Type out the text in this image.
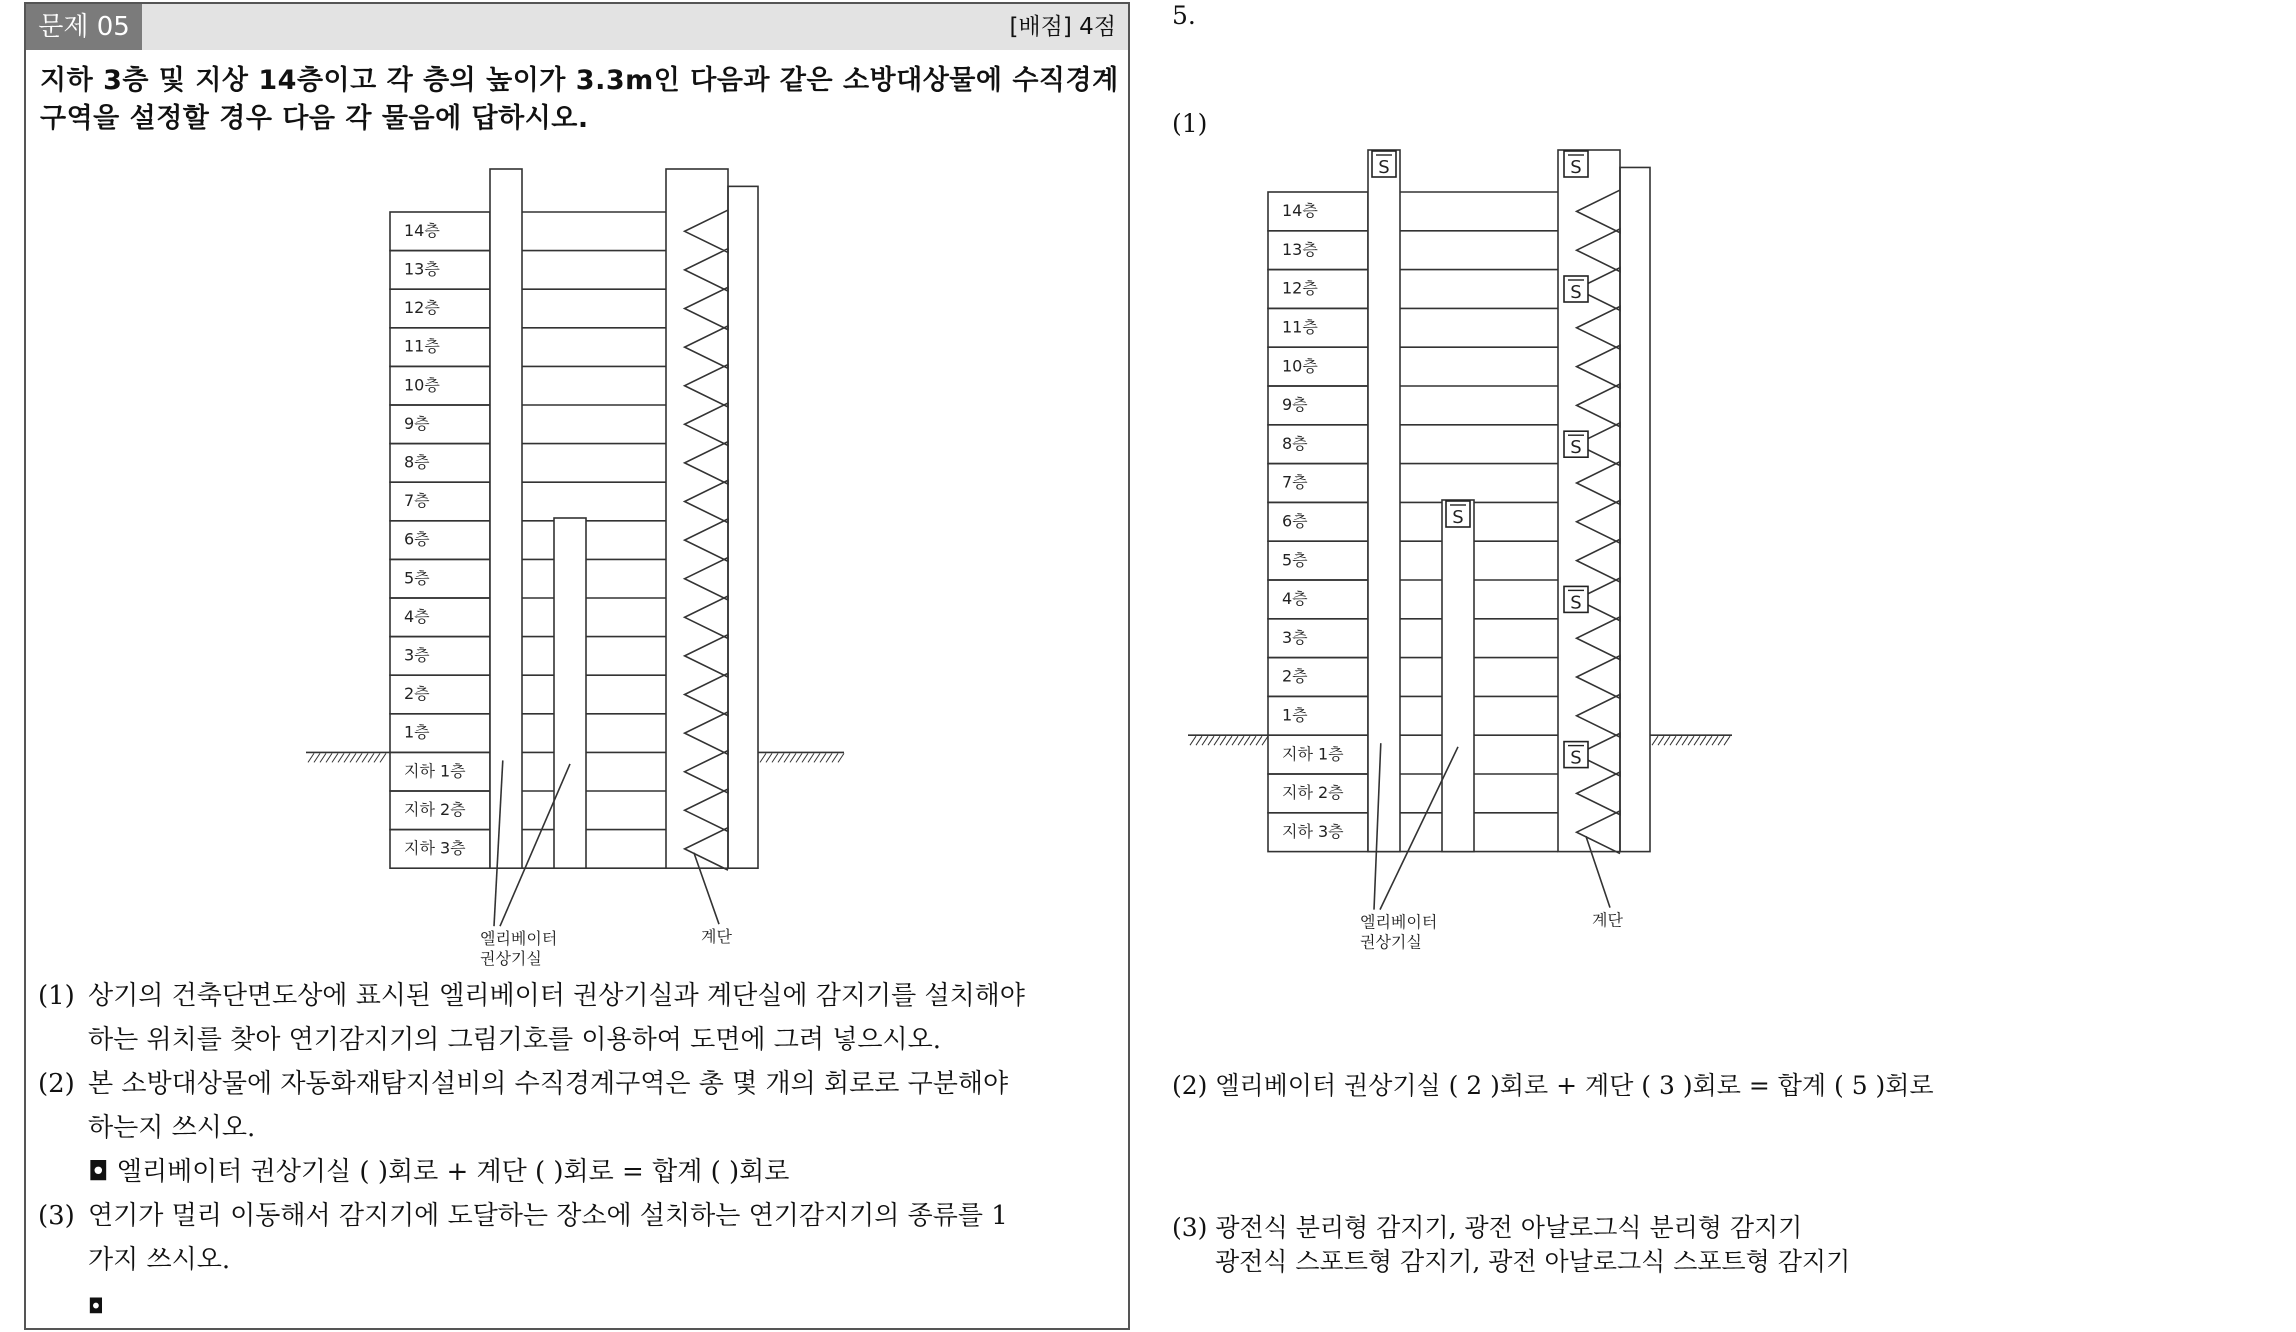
문제 05	[배점] 4점
지하 3층 및 지상 14층이고 각 층의 높이가 3.3m인 다음과 같은 소방대상물에 수직경계구역을 설정할 경우 다음 각 물음에 답하시오.
14층
13층
12층
11층
10층
9층
8층
7층
6층
5층
4층
3층
2층
1층
지하 1층
지하 2층
지하 3층
엘리베이터
권상기실
계단
(1) 상기의 건축단면도상에 표시된 엘리베이터 권상기실과 계단실에 감지기를 설치해야
하는 위치를 찾아 연기감지기의 그림기호를 이용하여 도면에 그려 넣으시오.
(2) 본 소방대상물에 자동화재탐지설비의 수직경계구역은 총 몇 개의 회로로 구분해야
하는지 쓰시오.
◘ 엘리베이터 권상기실 ( )회로 + 계단 ( )회로 = 합계 ( )회로
(3) 연기가 멀리 이동해서 감지기에 도달하는 장소에 설치하는 연기감지기의 종류를 1
가지 쓰시오.
◘
5.
(1)
14층
13층
12층
11층
10층
9층
8층
7층
6층
5층
4층
3층
2층
1층
지하 1층
지하 2층
지하 3층
엘리베이터
권상기실
계단
S
S
S
S
S
S
S
(2) 엘리베이터 권상기실 ( 2 )회로 + 계단 ( 3 )회로 = 합계 ( 5 )회로
(3) 광전식 분리형 감지기, 광전 아날로그식 분리형 감지기
광전식 스포트형 감지기, 광전 아날로그식 스포트형 감지기
